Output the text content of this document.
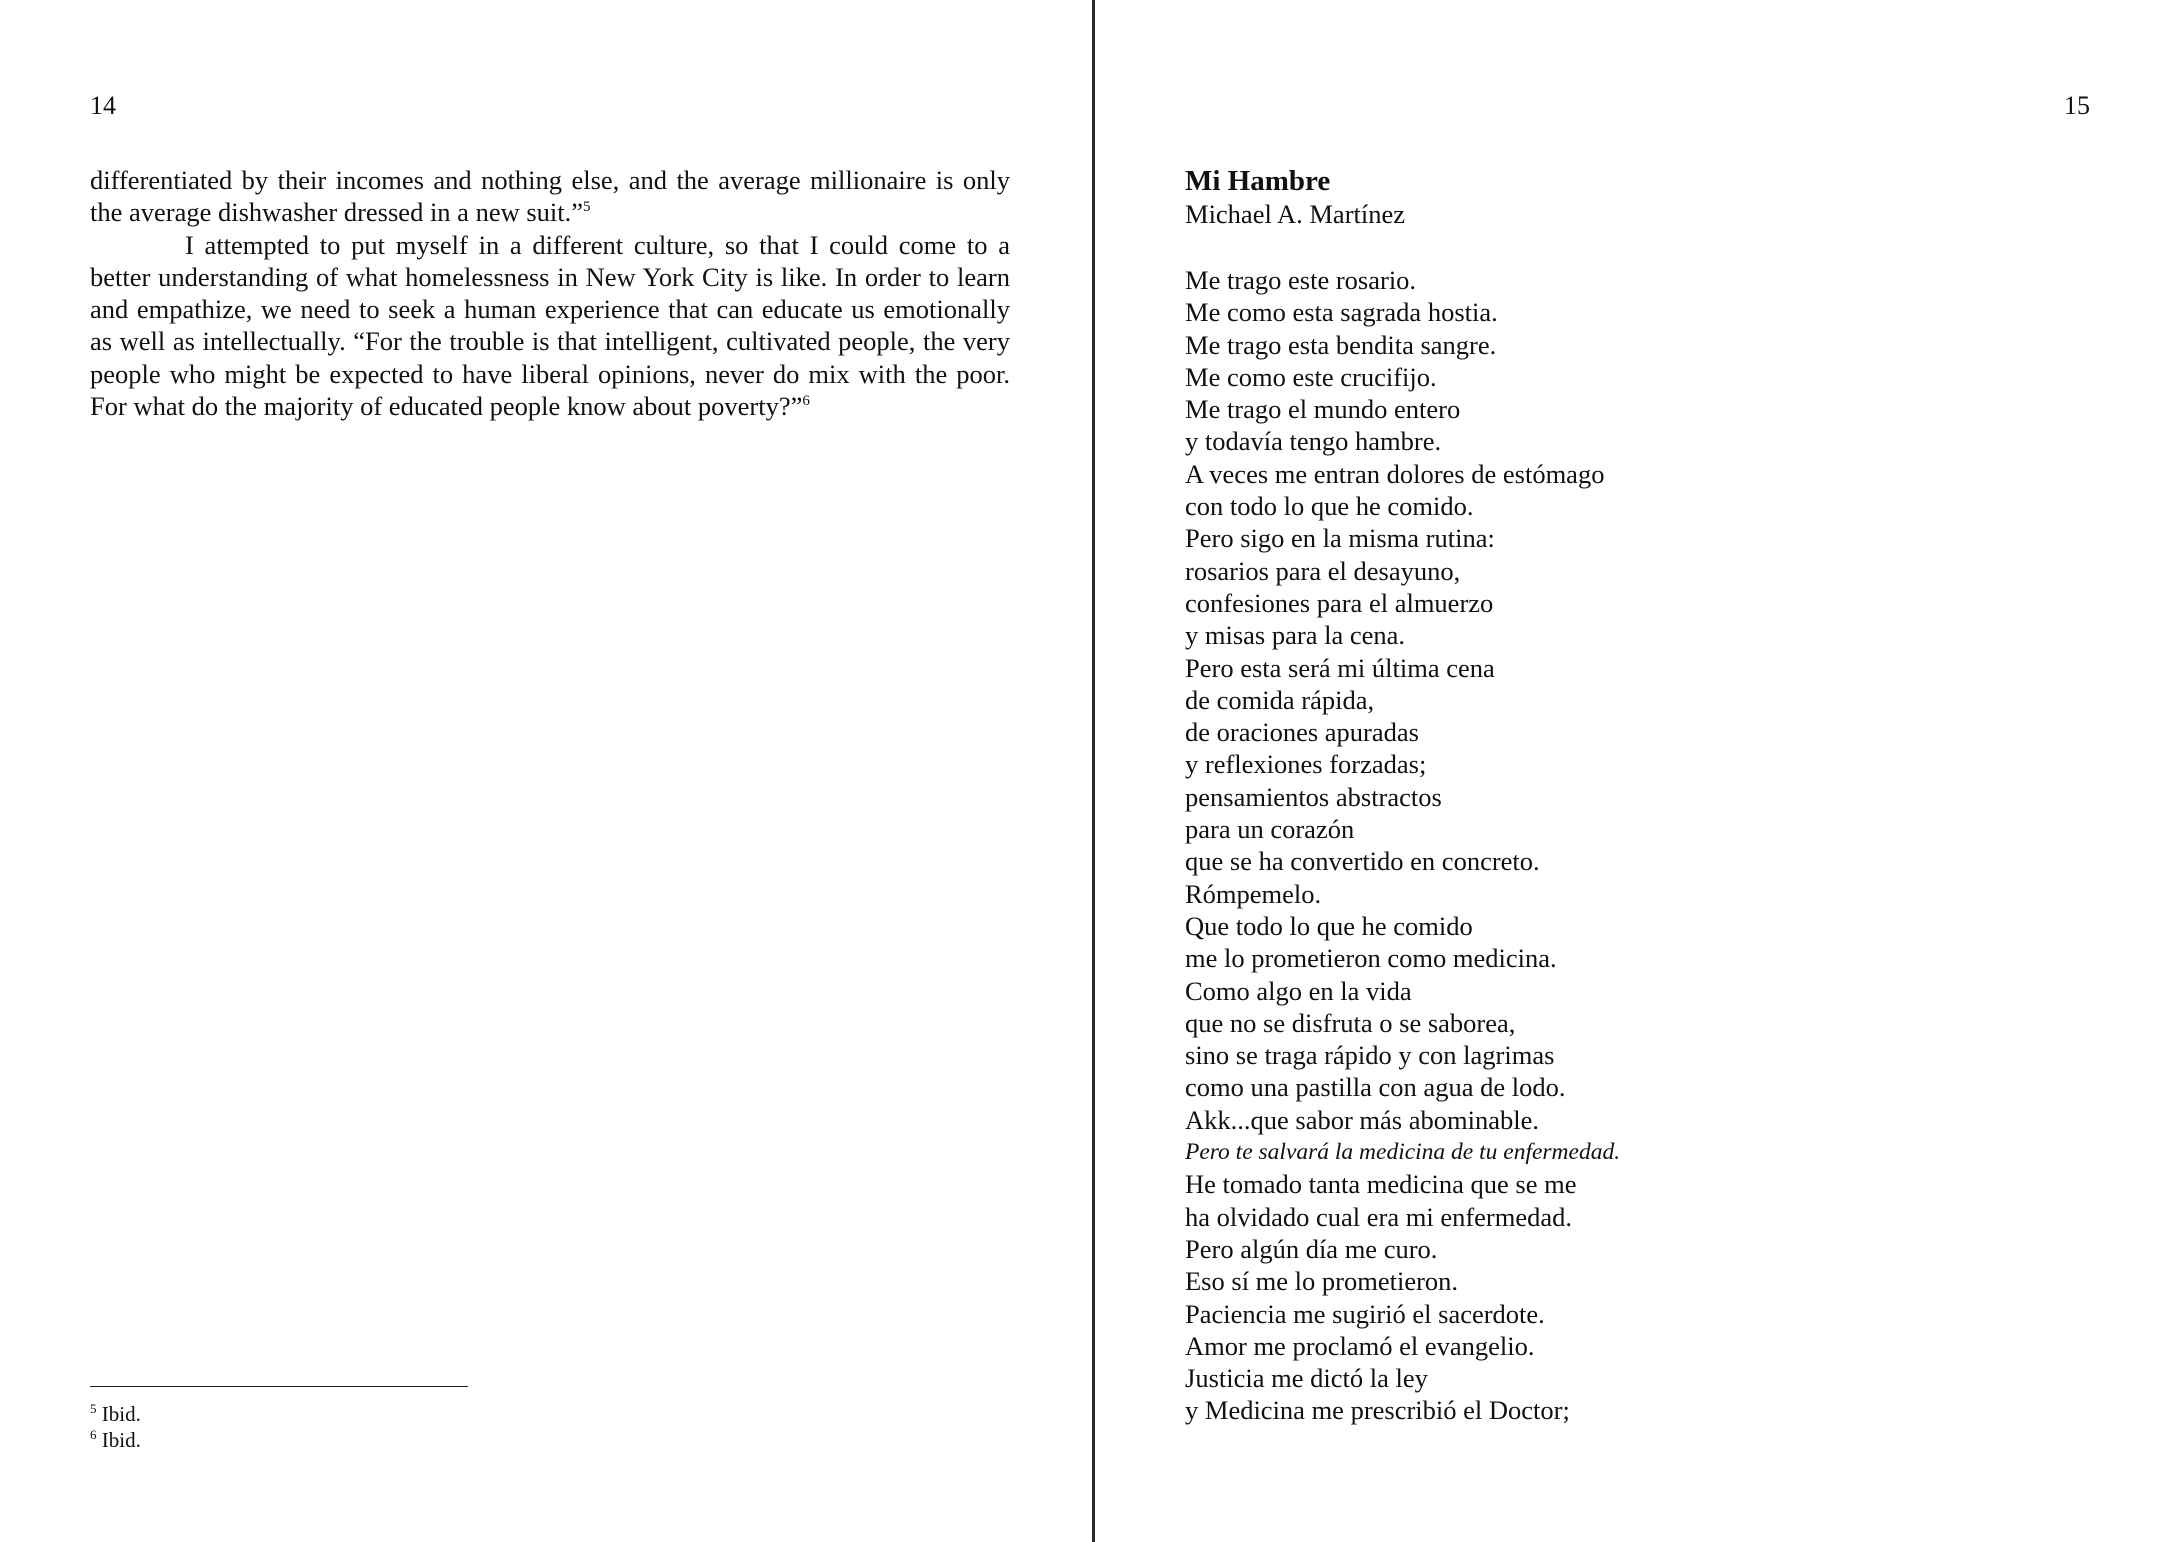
14

differentiated by their incomes and nothing else, and the average millionaire is only the average dishwasher dressed in a new suit.”$^5$

I attempted to put myself in a different culture, so that I could come to a better understanding of what homelessness in New York City is like. In order to learn and empathize, we need to seek a human experience that can educate us emotionally as well as intellectually. “For the trouble is that intelligent, cultivated people, the very people who might be expected to have liberal opinions, never do mix with the poor. For what do the majority of educated people know about poverty?”$^6$

$^5$ Ibid.
$^6$ Ibid.
15
Mi Hambre
Michael A. Martínez
Me trago este rosario.
Me como esta sagrada hostia.
Me trago esta bendita sangre.
Me como este crucifijo.
Me trago el mundo entero
y todavía tengo hambre.
A veces me entran dolores de estómago
con todo lo que he comido.
Pero sigo en la misma rutina:
rosarios para el desayuno,
confesiones para el almuerzo
y misas para la cena.
Pero esta será mi última cena
de comida rápida,
de oraciones apuradas
y reflexiones forzadas;
pensamientos abstractos
para un corazón
que se ha convertido en concreto.
Rómpemelo.
Que todo lo que he comido
me lo prometieron como medicina.
Como algo en la vida
que no se disfruta o se saborea,
sino se traga rápido y con lagrimas
como una pastilla con agua de lodo.
Akk...que sabor más abominable.
Pero te salvará la medicina de tu enfermedad.
He tomado tanta medicina que se me
ha olvidado cual era mi enfermedad.
Pero algún día me curo.
Eso sí me lo prometieron.
Paciencia me sugirió el sacerdote.
Amor me proclamó el evangelio.
Justicia me dictó la ley
y Medicina me prescribió el Doctor;
